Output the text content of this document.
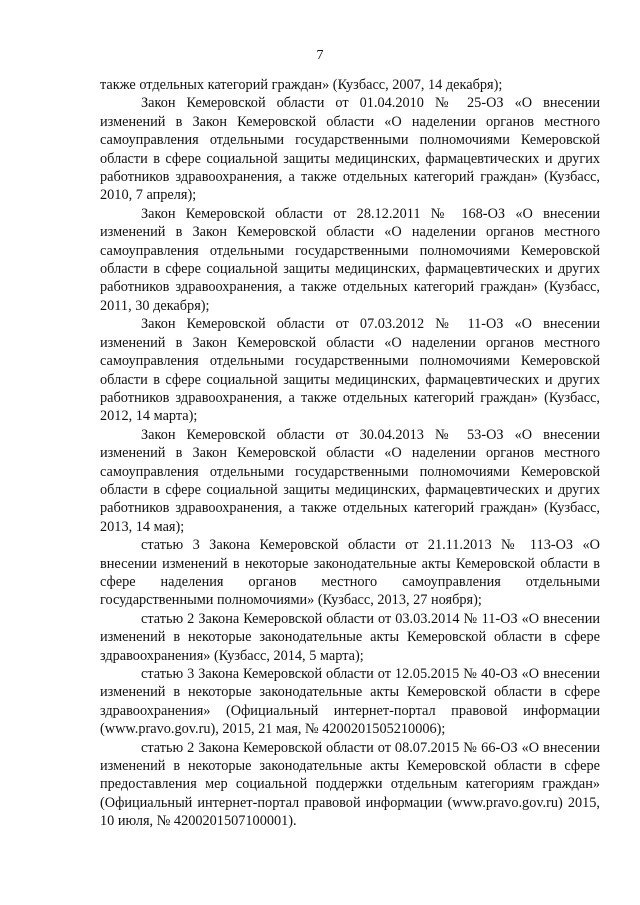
7

также отдельных категорий граждан» (Кузбасс, 2007, 14 декабря);

Закон Кемеровской области от 01.04.2010 № 25-ОЗ «О внесении изменений в Закон Кемеровской области «О наделении органов местного самоуправления отдельными государственными полномочиями Кемеровской области в сфере социальной защиты медицинских, фармацевтических и других работников здравоохранения, а также отдельных категорий граждан» (Кузбасс, 2010, 7 апреля);

Закон Кемеровской области от 28.12.2011 № 168-ОЗ «О внесении изменений в Закон Кемеровской области «О наделении органов местного самоуправления отдельными государственными полномочиями Кемеровской области в сфере социальной защиты медицинских, фармацевтических и других работников здравоохранения, а также отдельных категорий граждан» (Кузбасс, 2011, 30 декабря);

Закон Кемеровской области от 07.03.2012 № 11-ОЗ «О внесении изменений в Закон Кемеровской области «О наделении органов местного самоуправления отдельными государственными полномочиями Кемеровской области в сфере социальной защиты медицинских, фармацевтических и других работников здравоохранения, а также отдельных категорий граждан» (Кузбасс, 2012, 14 марта);

Закон Кемеровской области от 30.04.2013 № 53-ОЗ «О внесении изменений в Закон Кемеровской области «О наделении органов местного самоуправления отдельными государственными полномочиями Кемеровской области в сфере социальной защиты медицинских, фармацевтических и других работников здравоохранения, а также отдельных категорий граждан» (Кузбасс, 2013, 14 мая);

статью 3 Закона Кемеровской области от 21.11.2013 № 113-ОЗ «О внесении изменений в некоторые законодательные акты Кемеровской области в сфере наделения органов местного самоуправления отдельными государственными полномочиями» (Кузбасс, 2013, 27 ноября);

статью 2 Закона Кемеровской области от 03.03.2014 № 11-ОЗ «О внесении изменений в некоторые законодательные акты Кемеровской области в сфере здравоохранения» (Кузбасс, 2014, 5 марта);

статью 3 Закона Кемеровской области от 12.05.2015 № 40-ОЗ «О внесении изменений в некоторые законодательные акты Кемеровской области в сфере здравоохранения» (Официальный интернет-портал правовой информации (www.pravo.gov.ru), 2015, 21 мая, № 4200201505210006);

статью 2 Закона Кемеровской области от 08.07.2015 № 66-ОЗ «О внесении изменений в некоторые законодательные акты Кемеровской области в сфере предоставления мер социальной поддержки отдельным категориям граждан» (Официальный интернет-портал правовой информации (www.pravo.gov.ru) 2015, 10 июля, № 4200201507100001).
